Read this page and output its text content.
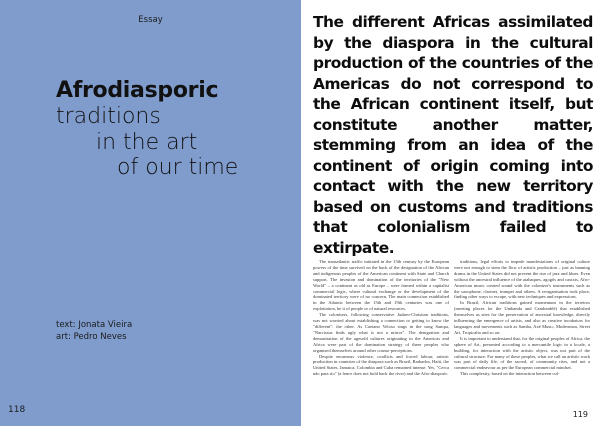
Essay
Afrodiasporic
traditions
in the art
of our time
text: Jonata Vieira
art: Pedro Neves
118

The different Africas assimilated by the diaspora in the cultural production of the countries of the Americas do not correspond to the African continent itself, but constitute another matter, stemming from an idea of the continent of origin coming into contact with the new territory based on customs and traditions that colonialism failed to extirpate.

The transatlantic traffic initiated in the 15th century by the European powers of the time survived on the back of the designation of the African and indigenous peoples of the American continent with State and Church support. The invasion and domination of the territories of the "New World" – a continent as old as Europe – were framed within a capitalist commercial logic, where cultural exchange or the development of the dominated territory were of no concern. The main connection established in the Atlantic between the 15th and 19th centuries was one of exploitation, be it of people or of natural resources.

The colonisers, following conservative Judaeo-Christian traditions, was not worried about establishing a connection or getting to know the "different": the other. As Caetano Veloso sings in the song Sampa, "Narcissus finds ugly what is not a mirror". The denigration and demonisation of the agesold cultures originating in the Americas and Africa were part of the domination strategy of these peoples who organised themselves around other cosmo-perceptions.

Despite enormous violence, conflicts and forced labour, artistic production in countries of the diaspora such as Brazil, Barbados, Haiti, the United States, Jamaica, Colombia and Cuba remained intense. Yes, "Cerca não para rio" (a fence does not hold back the river) and the Afro-diasporic

traditions, legal efforts to impede manifestations of original culture were not enough to stem the flow of artistic production – just as banning drums in the United States did not prevent the rise of jazz and blues. Even without the ancestral influence of the atabaques, agogôs and caxixis, Afro-American music created sound with the colonizer's instruments such as the saxophone, clarinet, trumpet and others. A reorganisation took place, finding other ways to escape, with new techniques and expressions.

In Brazil, African traditions gained momentum in the terreiros (meeting places for the Umbanda and Candomblé) that established themselves as sites for the preservation of ancestral knowledge, directly influencing the emergence of artists, and also as creative incubators for languages and movements such as Samba, Axé Music, Modernism, Street Art, Tropicalia and so on.

It is important to understand that, for the original peoples of Africa, the sphere of Art, presented according to a mercantile logic in a locale, a building, for interaction with the artistic object, was not part of the cultural structure. For many of these peoples, what we call an artistic work was part of daily life, of the sacred, of community rites, and not a commercial endeavour as per the European commercial mindset.

This complexity, based on the interaction between cul-

119
